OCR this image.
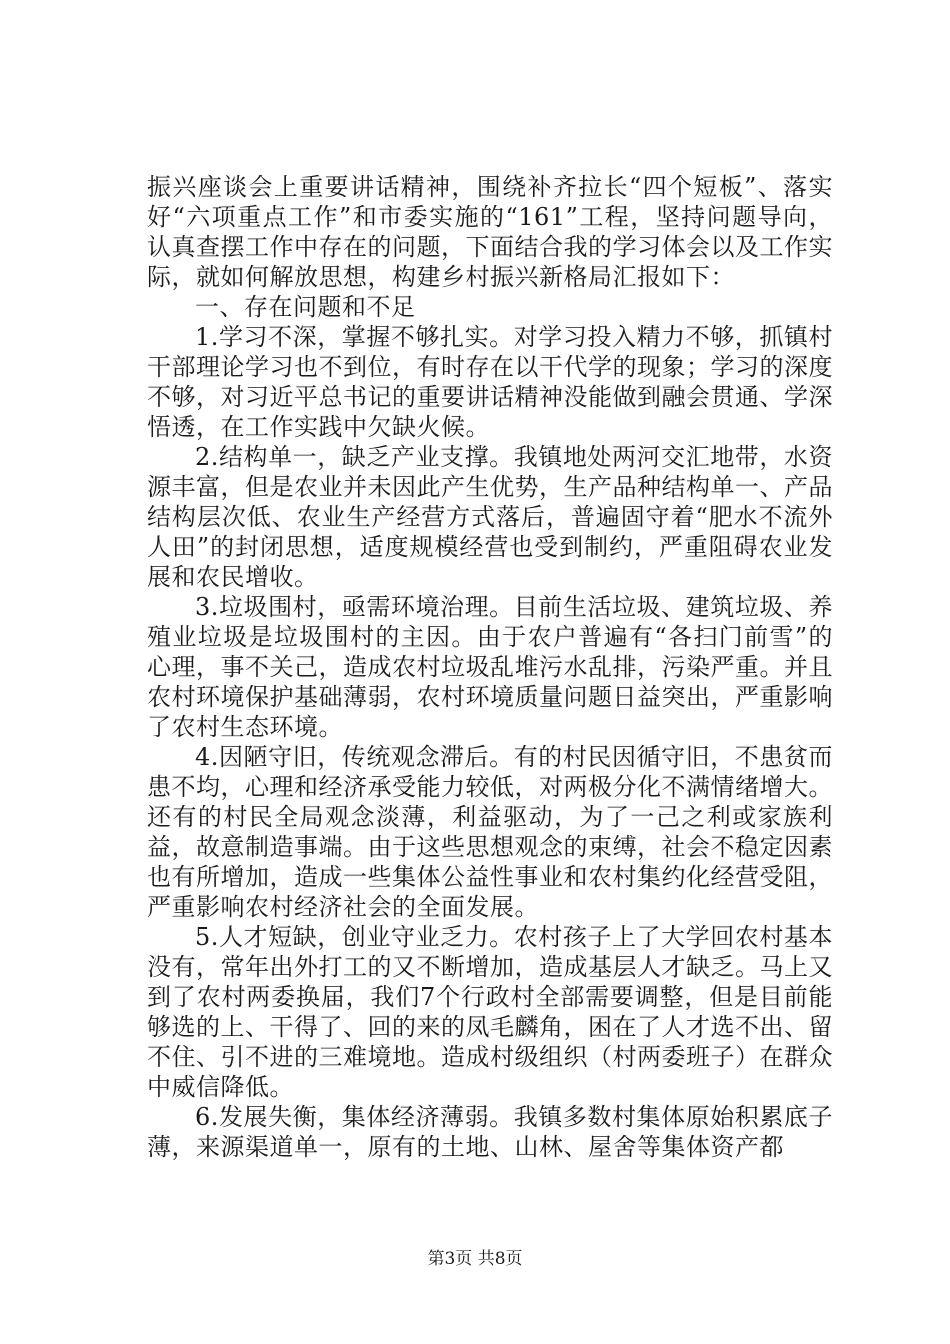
振兴座谈会上重要讲话精神，围绕补齐拉长“四个短板”、落实好“六项重点工作”和市委实施的“161”工程，坚持问题导向，认真查摆工作中存在的问题，下面结合我的学习体会以及工作实际，就如何解放思想，构建乡村振兴新格局汇报如下：

一、存在问题和不足

1.学习不深，掌握不够扎实。对学习投入精力不够，抓镇村干部理论学习也不到位，有时存在以干代学的现象；学习的深度不够，对习近平总书记的重要讲话精神没能做到融会贯通、学深悟透，在工作实践中欠缺火候。

2.结构单一，缺乏产业支撑。我镇地处两河交汇地带，水资源丰富，但是农业并未因此产生优势，生产品种结构单一、产品结构层次低、农业生产经营方式落后，普遍固守着“肥水不流外人田”的封闭思想，适度规模经营也受到制约，严重阻碍农业发展和农民增收。

3.垃圾围村，亟需环境治理。目前生活垃圾、建筑垃圾、养殖业垃圾是垃圾围村的主因。由于农户普遍有“各扫门前雪”的心理，事不关己，造成农村垃圾乱堆污水乱排，污染严重。并且农村环境保护基础薄弱，农村环境质量问题日益突出，严重影响了农村生态环境。

4.因陋守旧，传统观念滞后。有的村民因循守旧，不患贫而患不均，心理和经济承受能力较低，对两极分化不满情绪增大。还有的村民全局观念淡薄，利益驱动，为了一己之利或家族利益，故意制造事端。由于这些思想观念的束缚，社会不稳定因素也有所增加，造成一些集体公益性事业和农村集约化经营受阻，严重影响农村经济社会的全面发展。

5.人才短缺，创业守业乏力。农村孩子上了大学回农村基本没有，常年出外打工的又不断增加，造成基层人才缺乏。马上又到了农村两委换届，我们7个行政村全部需要调整，但是目前能够选的上、干得了、回的来的凤毛麟角，困在了人才选不出、留不住、引不进的三难境地。造成村级组织（村两委班子）在群众中威信降低。

6.发展失衡，集体经济薄弱。我镇多数村集体原始积累底子薄，来源渠道单一，原有的土地、山林、屋舍等集体资产都

第3页 共8页
